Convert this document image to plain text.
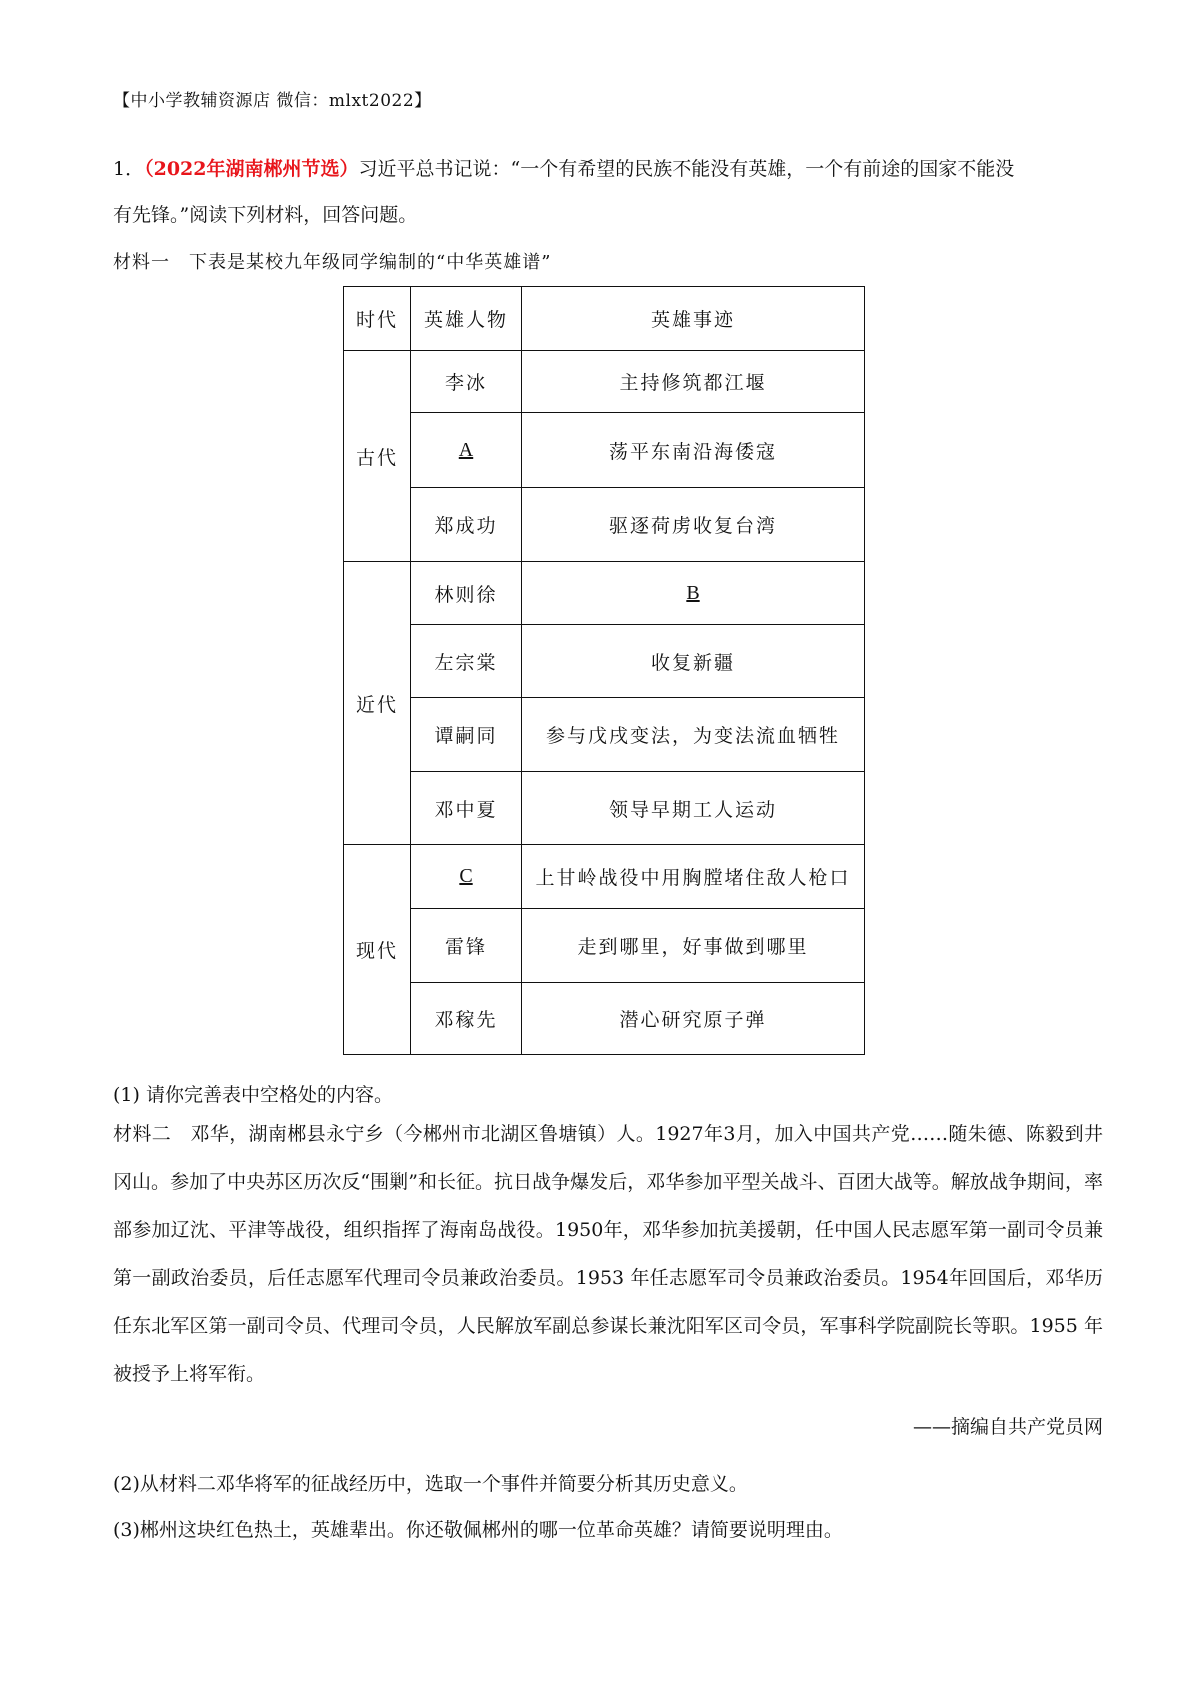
【中小学教辅资源店 微信：mlxt2022】
1．（2022年湖南郴州节选）习近平总书记说：“一个有希望的民族不能没有英雄，一个有前途的国家不能没
有先锋。”阅读下列材料，回答问题。
材料一　下表是某校九年级同学编制的“中华英雄谱”
时代	英雄人物	英雄事迹
古代	李冰	主持修筑都江堰
	A	荡平东南沿海倭寇
	郑成功	驱逐荷虏收复台湾
近代	林则徐	B
	左宗棠	收复新疆
	谭嗣同	参与戊戌变法，为变法流血牺牲
	邓中夏	领导早期工人运动
现代	C	上甘岭战役中用胸膛堵住敌人枪口
	雷锋	走到哪里，好事做到哪里
	邓稼先	潜心研究原子弹
(1) 请你完善表中空格处的内容。
材料二　邓华，湖南郴县永宁乡（今郴州市北湖区鲁塘镇）人。1927年3月，加入中国共产党……随朱德、陈毅到井冈山。参加了中央苏区历次反“围剿”和长征。抗日战争爆发后，邓华参加平型关战斗、百团大战等。解放战争期间，率部参加辽沈、平津等战役，组织指挥了海南岛战役。1950年，邓华参加抗美援朝，任中国人民志愿军第一副司令员兼第一副政治委员，后任志愿军代理司令员兼政治委员。1953 年任志愿军司令员兼政治委员。1954年回国后，邓华历任东北军区第一副司令员、代理司令员，人民解放军副总参谋长兼沈阳军区司令员，军事科学院副院长等职。1955 年被授予上将军衔。
——摘编自共产党员网
(2)从材料二邓华将军的征战经历中，选取一个事件并简要分析其历史意义。
(3)郴州这块红色热土，英雄辈出。你还敬佩郴州的哪一位革命英雄？请简要说明理由。
